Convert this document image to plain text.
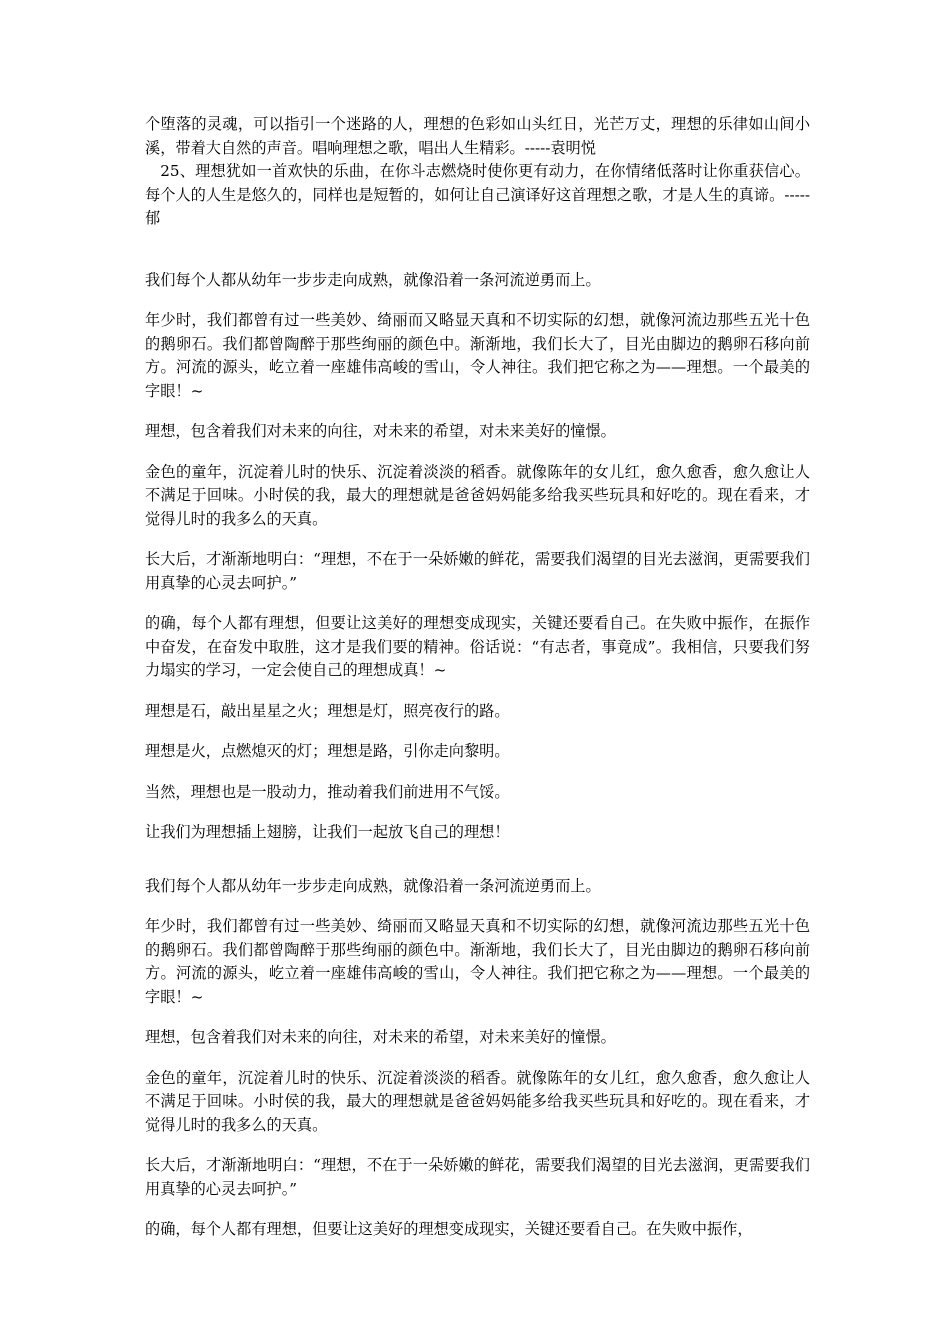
个堕落的灵魂，可以指引一个迷路的人，理想的色彩如山头红日，光芒万丈，理想的乐律如山间小溪，带着大自然的声音。唱响理想之歌，唱出人生精彩。-----袁明悦

25、理想犹如一首欢快的乐曲，在你斗志燃烧时使你更有动力，在你情绪低落时让你重获信心。每个人的人生是悠久的，同样也是短暂的，如何让自己演译好这首理想之歌，才是人生的真谛。-----郁

我们每个人都从幼年一步步走向成熟，就像沿着一条河流逆勇而上。

年少时，我们都曾有过一些美妙、绮丽而又略显天真和不切实际的幻想，就像河流边那些五光十色的鹅卵石。我们都曾陶醉于那些绚丽的颜色中。渐渐地，我们长大了，目光由脚边的鹅卵石移向前方。河流的源头，屹立着一座雄伟高峻的雪山，令人神往。我们把它称之为——理想。一个最美的字眼！~

理想，包含着我们对未来的向往，对未来的希望，对未来美好的憧憬。

金色的童年，沉淀着儿时的快乐、沉淀着淡淡的稻香。就像陈年的女儿红，愈久愈香，愈久愈让人不满足于回味。小时侯的我，最大的理想就是爸爸妈妈能多给我买些玩具和好吃的。现在看来，才觉得儿时的我多么的天真。

长大后，才渐渐地明白：“理想，不在于一朵娇嫩的鲜花，需要我们渴望的目光去滋润，更需要我们用真挚的心灵去呵护。”

的确，每个人都有理想，但要让这美好的理想变成现实，关键还要看自己。在失败中振作，在振作中奋发，在奋发中取胜，这才是我们要的精神。俗话说：“有志者，事竟成”。我相信，只要我们努力塌实的学习，一定会使自己的理想成真！~

理想是石，敲出星星之火；理想是灯，照亮夜行的路。

理想是火，点燃熄灭的灯；理想是路，引你走向黎明。

当然，理想也是一股动力，推动着我们前进用不气馁。

让我们为理想插上翅膀，让我们一起放飞自己的理想！

我们每个人都从幼年一步步走向成熟，就像沿着一条河流逆勇而上。

年少时，我们都曾有过一些美妙、绮丽而又略显天真和不切实际的幻想，就像河流边那些五光十色的鹅卵石。我们都曾陶醉于那些绚丽的颜色中。渐渐地，我们长大了，目光由脚边的鹅卵石移向前方。河流的源头，屹立着一座雄伟高峻的雪山，令人神往。我们把它称之为——理想。一个最美的字眼！~

理想，包含着我们对未来的向往，对未来的希望，对未来美好的憧憬。

金色的童年，沉淀着儿时的快乐、沉淀着淡淡的稻香。就像陈年的女儿红，愈久愈香，愈久愈让人不满足于回味。小时侯的我，最大的理想就是爸爸妈妈能多给我买些玩具和好吃的。现在看来，才觉得儿时的我多么的天真。

长大后，才渐渐地明白：“理想，不在于一朵娇嫩的鲜花，需要我们渴望的目光去滋润，更需要我们用真挚的心灵去呵护。”

的确，每个人都有理想，但要让这美好的理想变成现实，关键还要看自己。在失败中振作，
